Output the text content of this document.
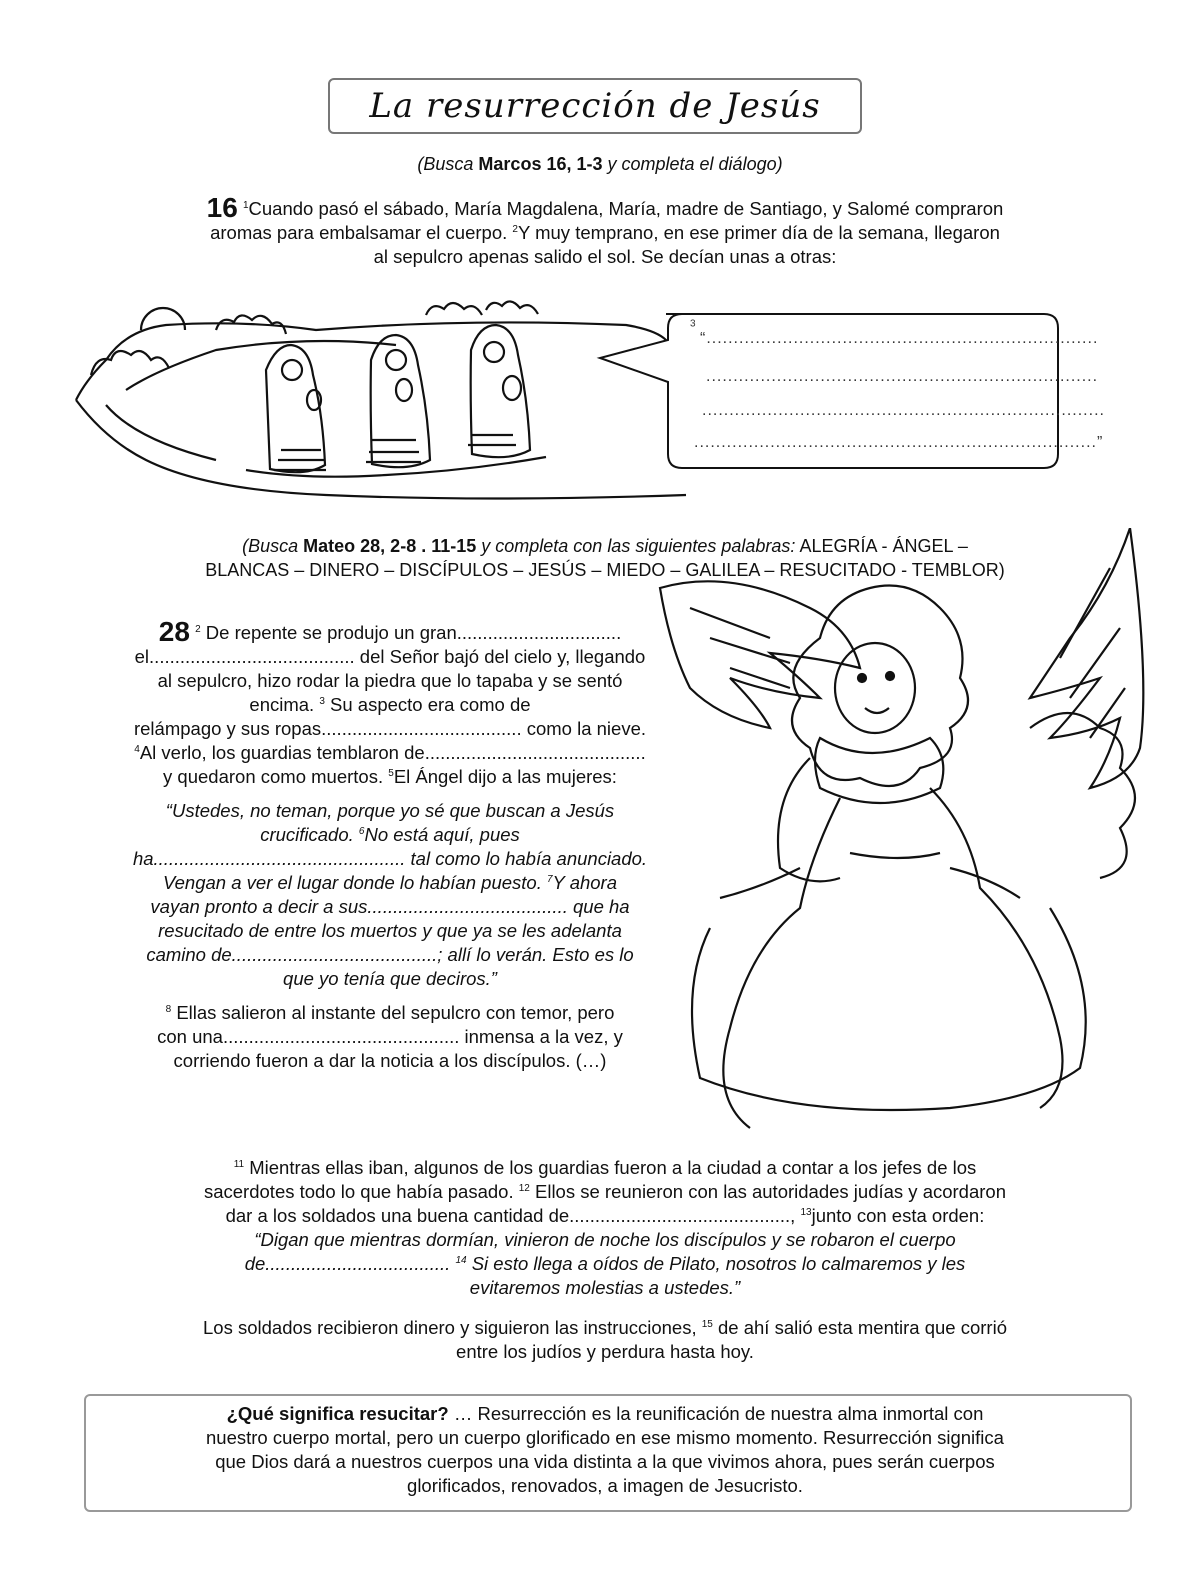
La resurrección de Jesús
(Busca Marcos 16, 1-3 y completa el diálogo)
16 $^1$Cuando pasó el sábado, María Magdalena, María, madre de Santiago, y Salomé compraron
aromas para embalsamar el cuerpo. $^2$Y muy temprano, en ese primer día de la semana, llegaron
al sepulcro apenas salido el sol. Se decían unas a otras:
$^3$
“........................................................................
........................................................................
..........................................................................
..........................................................................”
(Busca Mateo 28, 2-8 . 11-15 y completa con las siguientes palabras: ALEGRÍA - ÁNGEL –
BLANCAS – DINERO – DISCÍPULOS – JESÚS – MIEDO – GALILEA – RESUCITADO - TEMBLOR)
28 $^2$ De repente se produjo un gran................................
el........................................ del Señor bajó del cielo y, llegando
al sepulcro, hizo rodar la piedra que lo tapaba y se sentó
encima. $^3$ Su aspecto era como de
relámpago y sus ropas....................................... como la nieve.
$^4$Al verlo, los guardias temblaron de...........................................
y quedaron como muertos. $^5$El Ángel dijo a las mujeres:
“Ustedes, no teman, porque yo sé que buscan a Jesús
crucificado. $^6$No está aquí, pues
ha................................................. tal como lo había anunciado.
Vengan a ver el lugar donde lo habían puesto. $^7$Y ahora
vayan pronto a decir a sus....................................... que ha
resucitado de entre los muertos y que ya se les adelanta
camino de........................................; allí lo verán. Esto es lo
que yo tenía que deciros.”
$^8$ Ellas salieron al instante del sepulcro con temor, pero
con una.............................................. inmensa a la vez, y
corriendo fueron a dar la noticia a los discípulos. (…)
$^{11}$ Mientras ellas iban, algunos de los guardias fueron a la ciudad a contar a los jefes de los
sacerdotes todo lo que había pasado. $^{12}$ Ellos se reunieron con las autoridades judías y acordaron
dar a los soldados una buena cantidad de..........................................., $^{13}$junto con esta orden:
“Digan que mientras dormían, vinieron de noche los discípulos y se robaron el cuerpo
de.................................... $^{14}$ Si esto llega a oídos de Pilato, nosotros lo calmaremos y les
evitaremos molestias a ustedes.”
Los soldados recibieron dinero y siguieron las instrucciones, $^{15}$ de ahí salió esta mentira que corrió
entre los judíos y perdura hasta hoy.
¿Qué significa resucitar? … Resurrección es la reunificación de nuestra alma inmortal con
nuestro cuerpo mortal, pero un cuerpo glorificado en ese mismo momento. Resurrección significa
que Dios dará a nuestros cuerpos una vida distinta a la que vivimos ahora, pues serán cuerpos
glorificados, renovados, a imagen de Jesucristo.
